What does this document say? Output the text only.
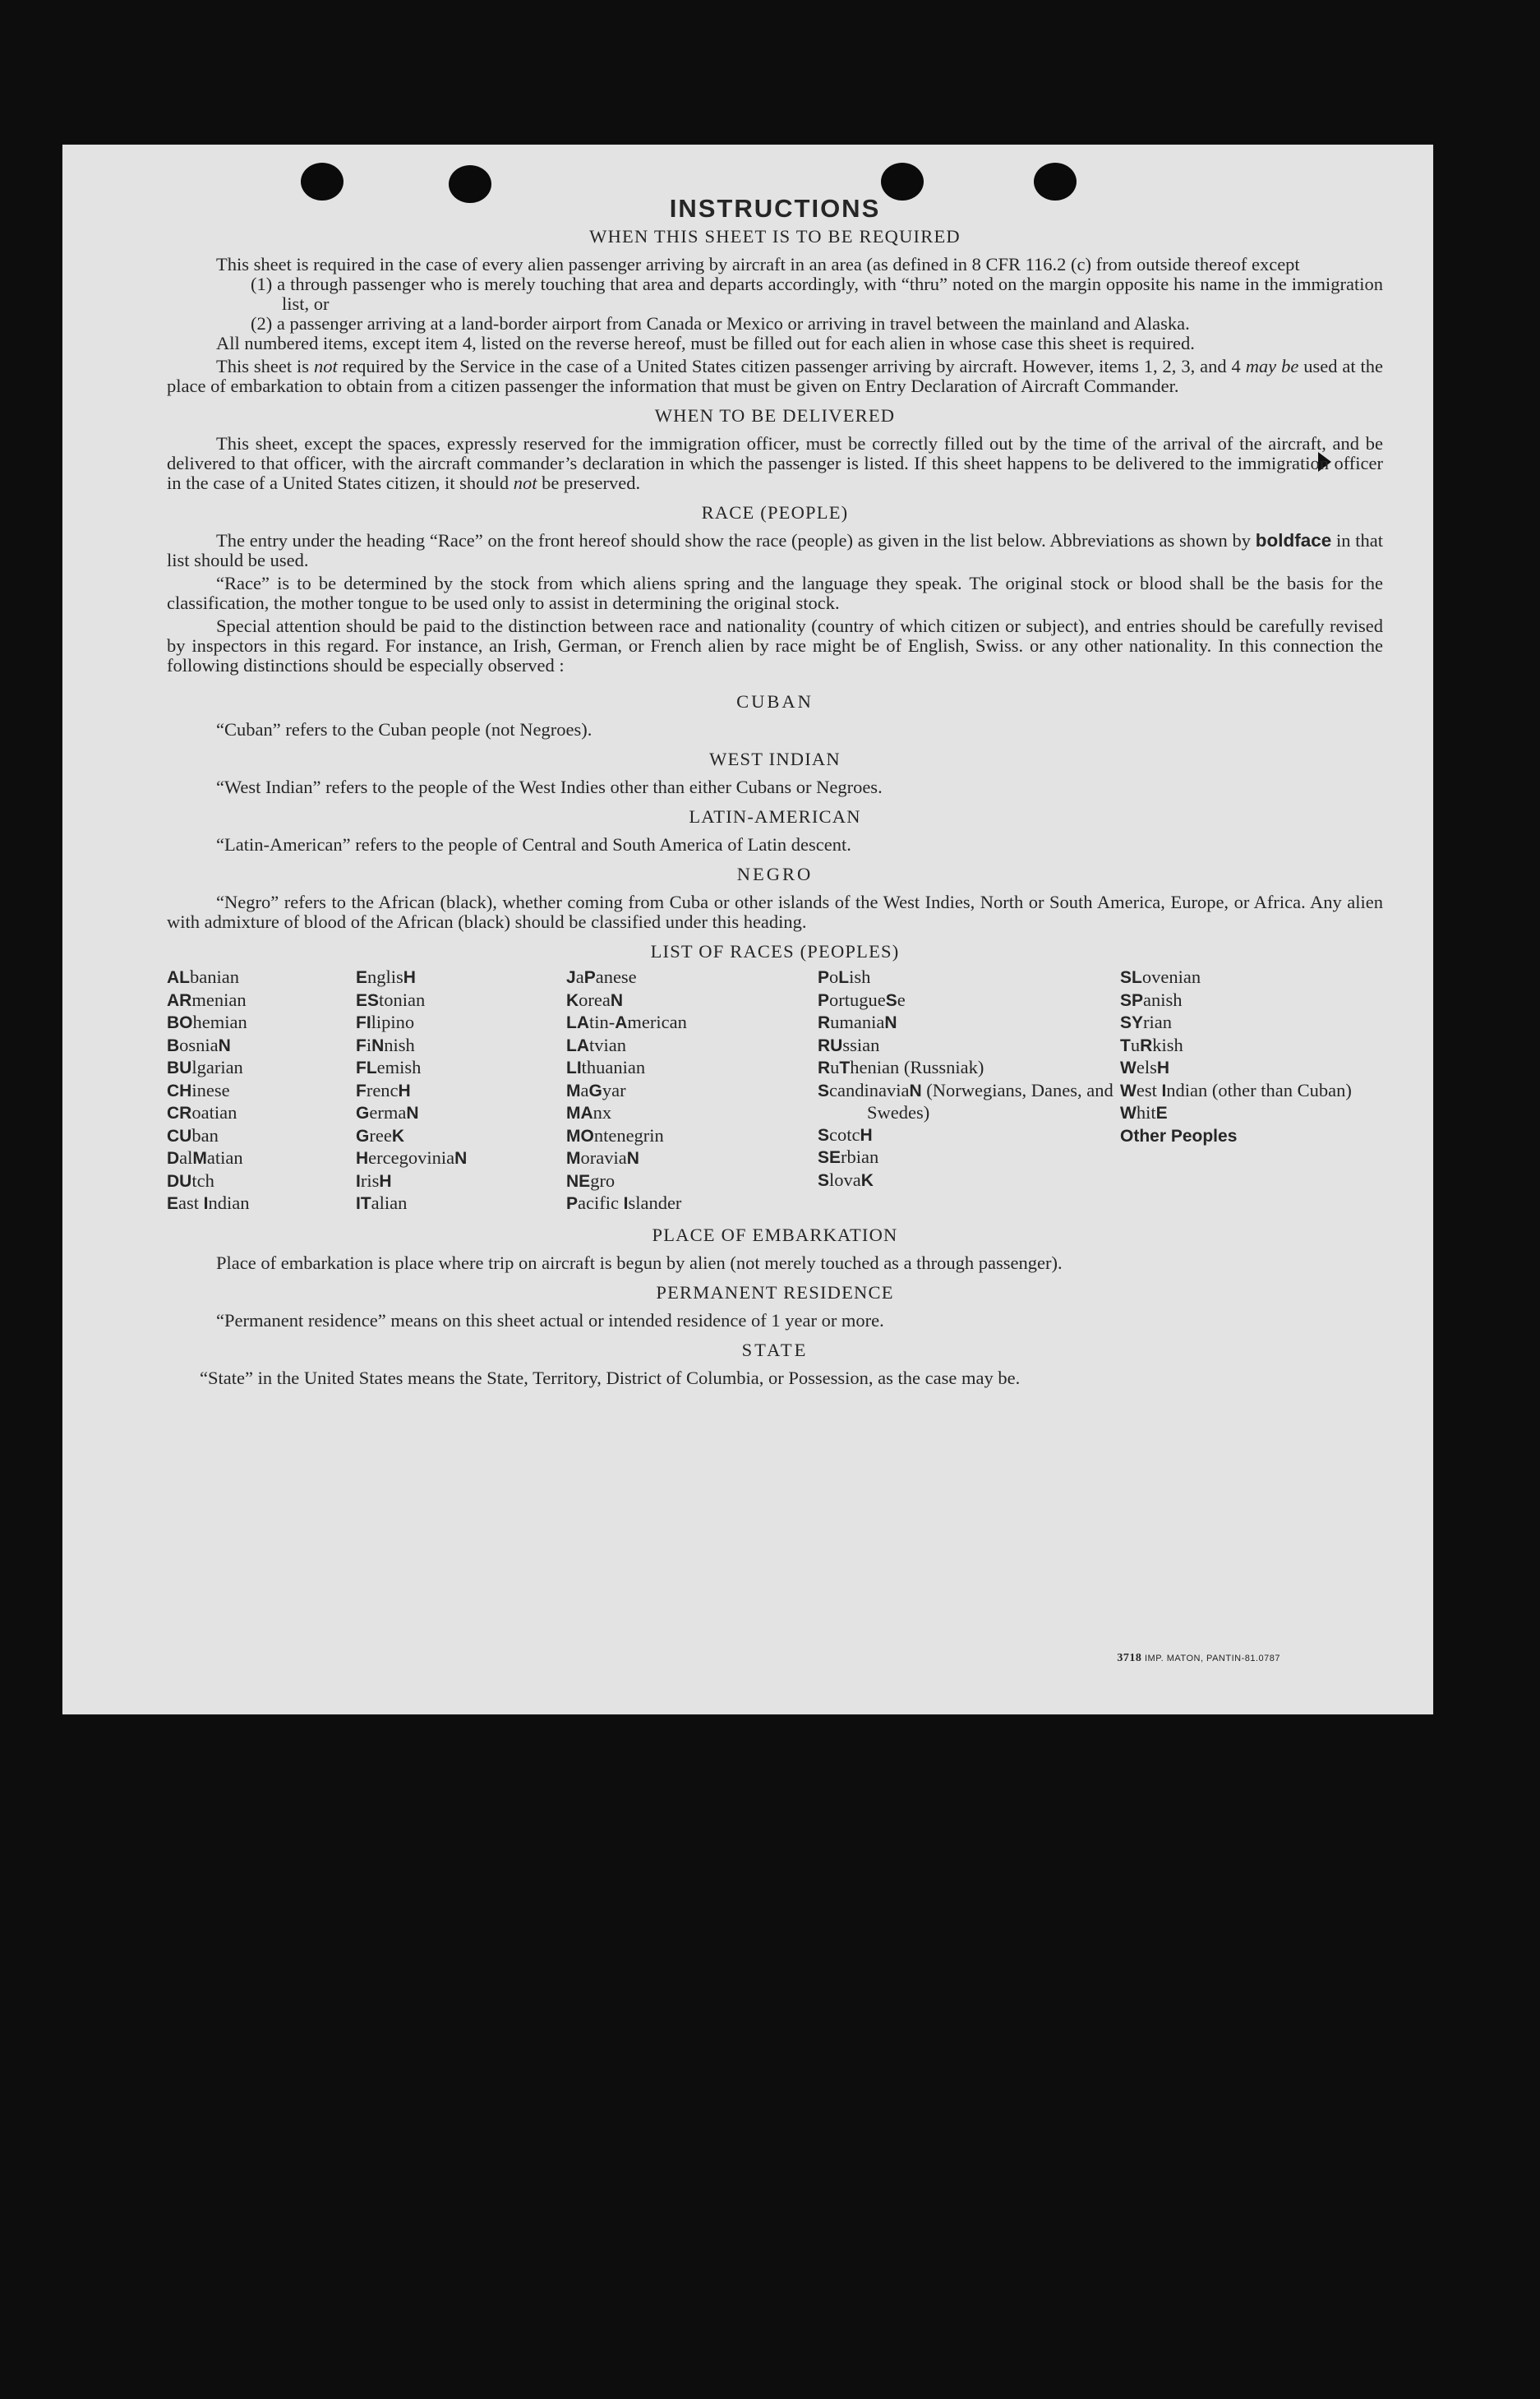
INSTRUCTIONS
WHEN THIS SHEET IS TO BE REQUIRED

This sheet is required in the case of every alien passenger arriving by aircraft in an area (as defined in 8 CFR 116.2 (c) from outside thereof except

(1) a through passenger who is merely touching that area and departs accordingly, with “thru” noted on the margin opposite his name in the immigration list, or
(2) a passenger arriving at a land-border airport from Canada or Mexico or arriving in travel between the mainland and Alaska.

All numbered items, except item 4, listed on the reverse hereof, must be filled out for each alien in whose case this sheet is required.

This sheet is not required by the Service in the case of a United States citizen passenger arriving by aircraft. However, items 1, 2, 3, and 4 may be used at the place of embarkation to obtain from a citizen passenger the information that must be given on Entry Declaration of Aircraft Commander.

WHEN TO BE DELIVERED

This sheet, except the spaces, expressly reserved for the immigration officer, must be correctly filled out by the time of the arrival of the aircraft, and be delivered to that officer, with the aircraft commander’s declaration in which the passenger is listed. If this sheet happens to be delivered to the immigration officer in the case of a United States citizen, it should not be preserved.

RACE (PEOPLE)

The entry under the heading “Race” on the front hereof should show the race (people) as given in the list below. Abbreviations as shown by boldface in that list should be used.

“Race” is to be determined by the stock from which aliens spring and the language they speak. The original stock or blood shall be the basis for the classification, the mother tongue to be used only to assist in determining the original stock.

Special attention should be paid to the distinction between race and nationality (country of which citizen or subject), and entries should be carefully revised by inspectors in this regard. For instance, an Irish, German, or French alien by race might be of English, Swiss. or any other nationality. In this connection the following distinctions should be especially observed :

CUBAN

“Cuban” refers to the Cuban people (not Negroes).

WEST INDIAN

“West Indian” refers to the people of the West Indies other than either Cubans or Negroes.

LATIN-AMERICAN

“Latin-American” refers to the people of Central and South America of Latin descent.

NEGRO

“Negro” refers to the African (black), whether coming from Cuba or other islands of the West Indies, North or South America, Europe, or Africa. Any alien with admixture of blood of the African (black) should be classified under this heading.

LIST OF RACES (PEOPLES)
ALbanian
ARmenian
BOhemian
BosniaN
BUlgarian
CHinese
CRoatian
CUban
DalMatian
DUtch
East Indian
EnglisH
EStonian
FIlipino
FiNnish
FLemish
FrencH
GermaN
GreeK
HercegoviniaN
IrisH
ITalian
JaPanese
KoreaN
LAtin-American
LAtvian
LIthuanian
MaGyar
MAnx
MOntenegrin
MoraviaN
NEgro
Pacific Islander
PoLish
PortugueSe
RumaniaN
RUssian
RuThenian (Russniak)
ScandinaviaN (Norwegians, Danes, and Swedes)
ScotcH
SErbian
SlovaK
SLovenian
SPanish
SYrian
TuRkish
WelsH
West Indian (other than Cuban)
WhitE
Other Peoples
PLACE OF EMBARKATION

Place of embarkation is place where trip on aircraft is begun by alien (not merely touched as a through passenger).

PERMANENT RESIDENCE

“Permanent residence” means on this sheet actual or intended residence of 1 year or more.

STATE

“State” in the United States means the State, Territory, District of Columbia, or Possession, as the case may be.

3718 IMP. MATON, PANTIN-81.0787
